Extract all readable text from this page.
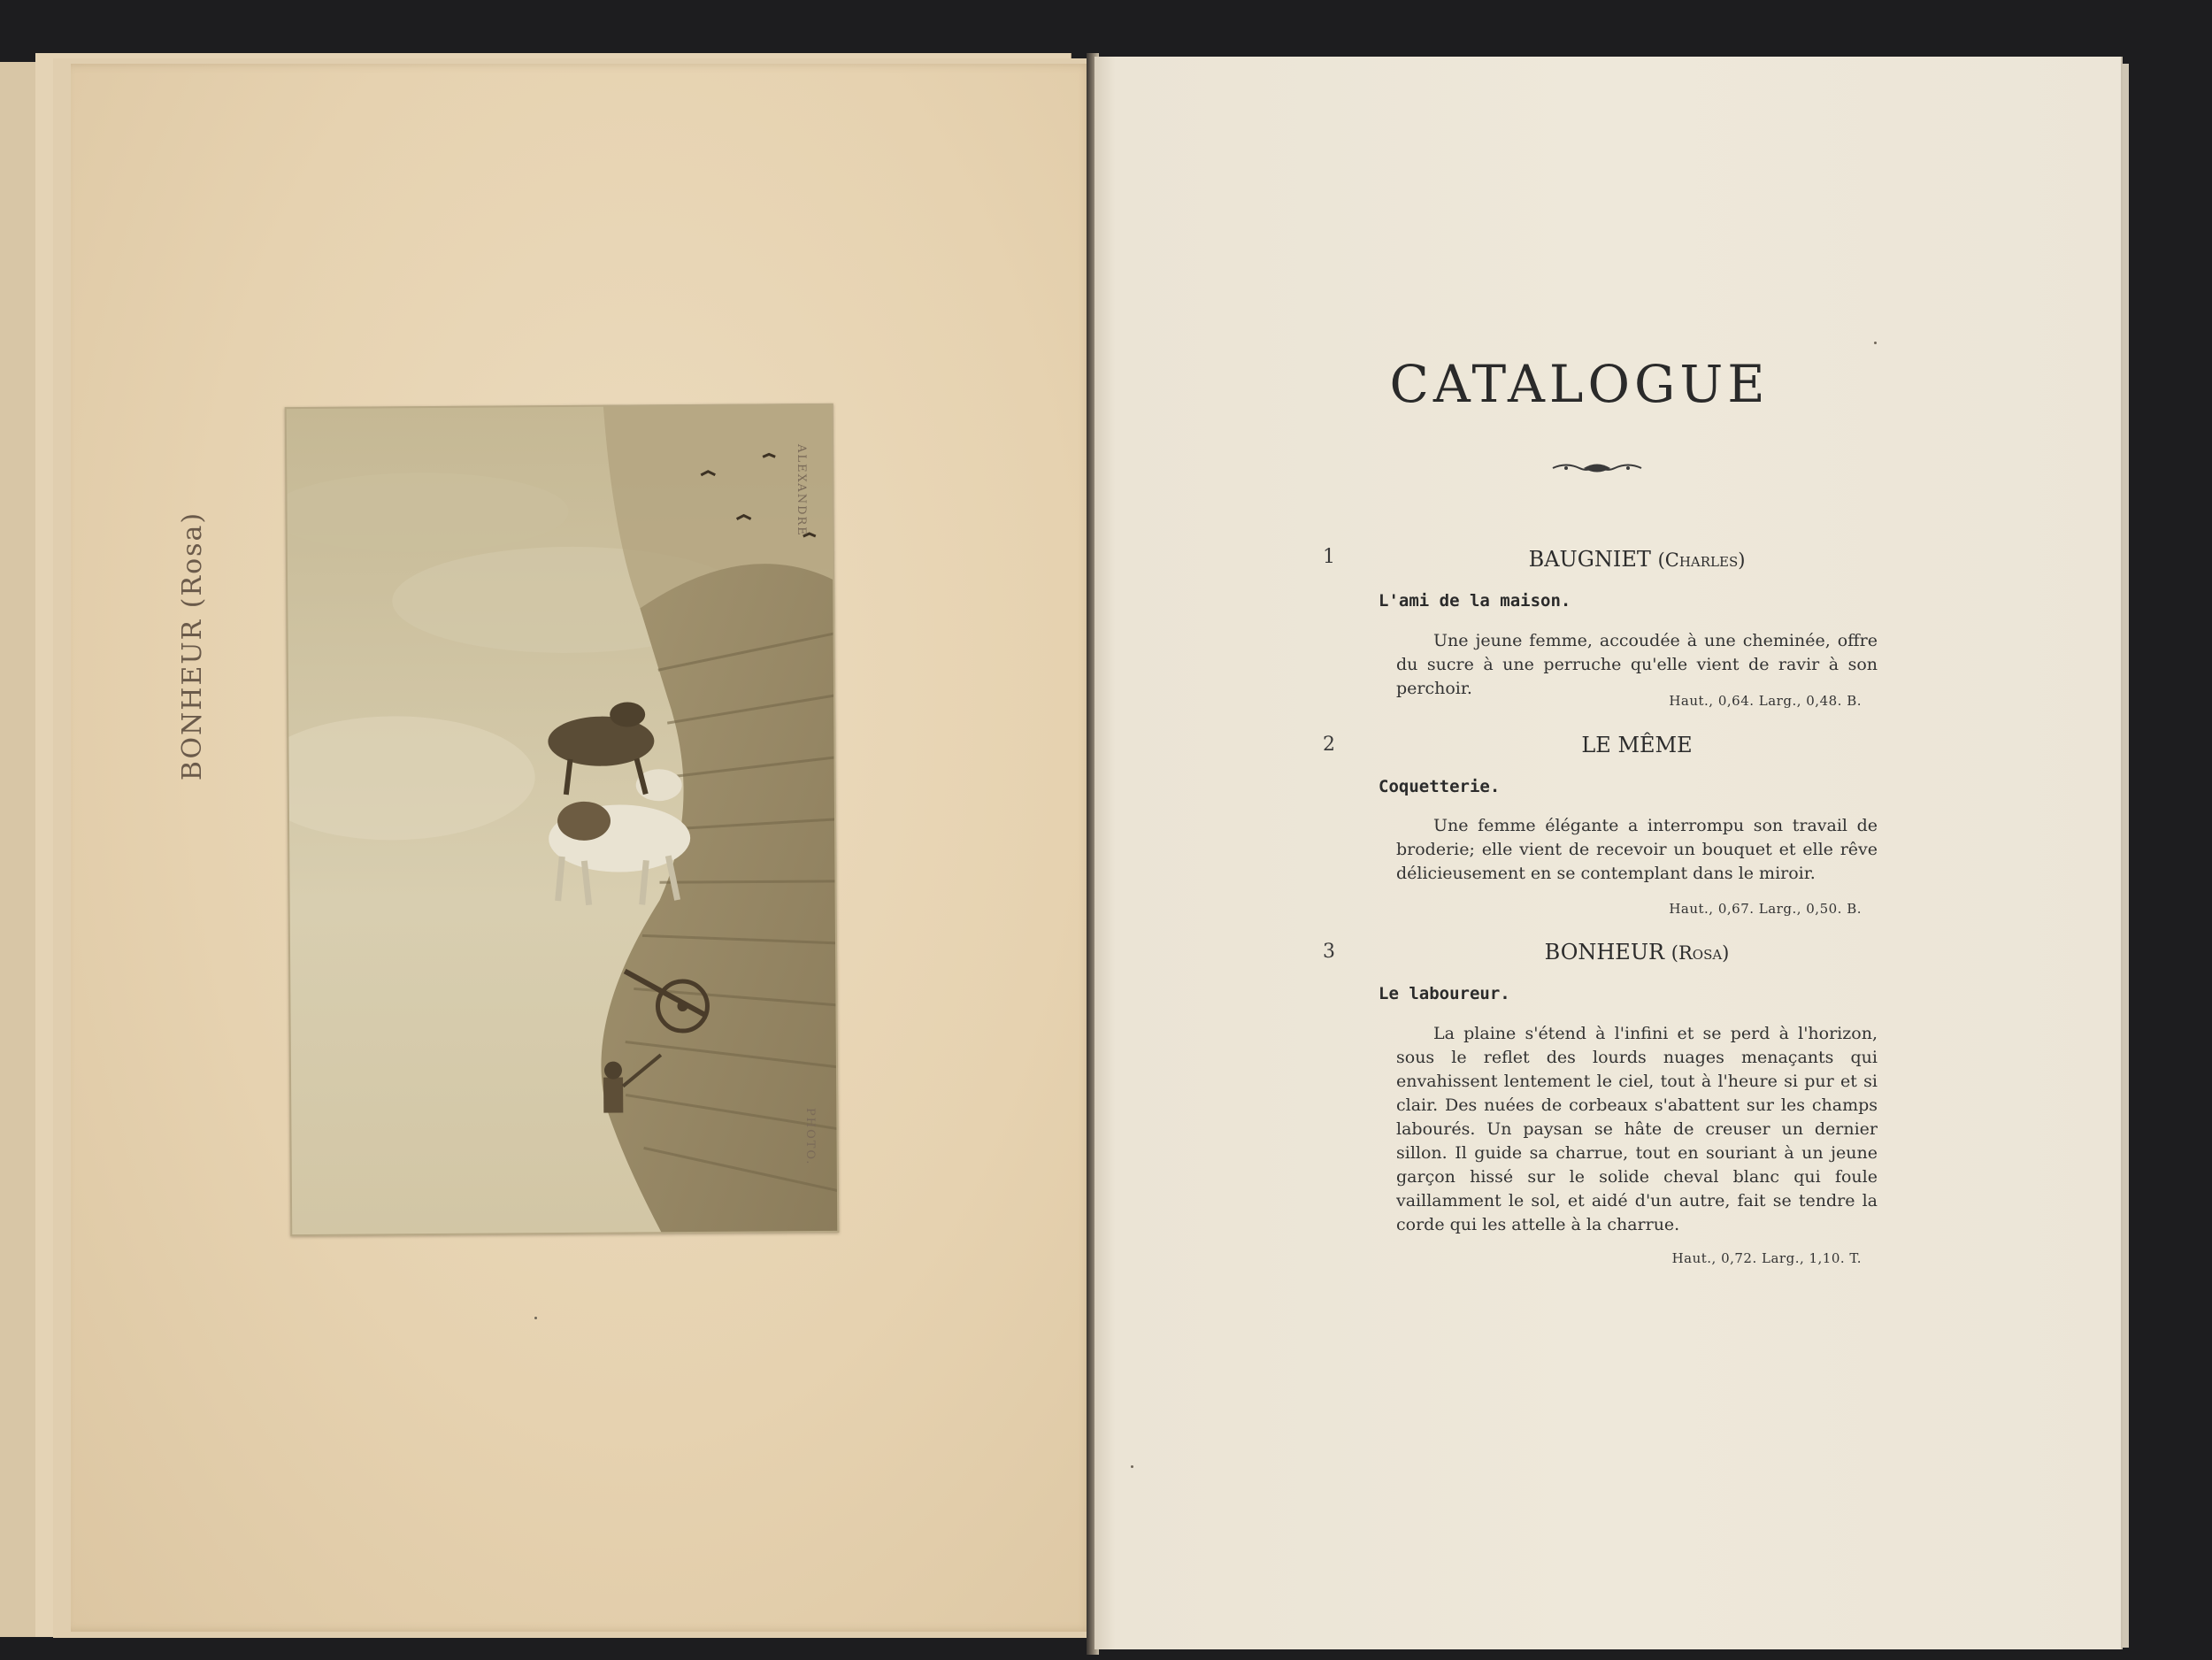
BONHEUR (Rosa)
ALEXANDRE
PHOTO.
CATALOGUE
1	BAUGNIET (Charles)
L'ami de la maison.
Une jeune femme, accoudée à une cheminée, offre du sucre à une perruche qu'elle vient de ravir à son perchoir.
Haut., 0,64. Larg., 0,48. B.
2	LE MÊME
Coquetterie.
Une femme élégante a interrompu son travail de broderie; elle vient de recevoir un bouquet et elle rêve délicieusement en se contemplant dans le miroir.
Haut., 0,67. Larg., 0,50. B.
3	BONHEUR (Rosa)
Le laboureur.
La plaine s'étend à l'infini et se perd à l'horizon, sous le reflet des lourds nuages menaçants qui envahissent lentement le ciel, tout à l'heure si pur et si clair. Des nuées de corbeaux s'abattent sur les champs labourés. Un paysan se hâte de creuser un dernier sillon. Il guide sa charrue, tout en souriant à un jeune garçon hissé sur le solide cheval blanc qui foule vaillamment le sol, et aidé d'un autre, fait se tendre la corde qui les attelle à la charrue.
Haut., 0,72. Larg., 1,10. T.
